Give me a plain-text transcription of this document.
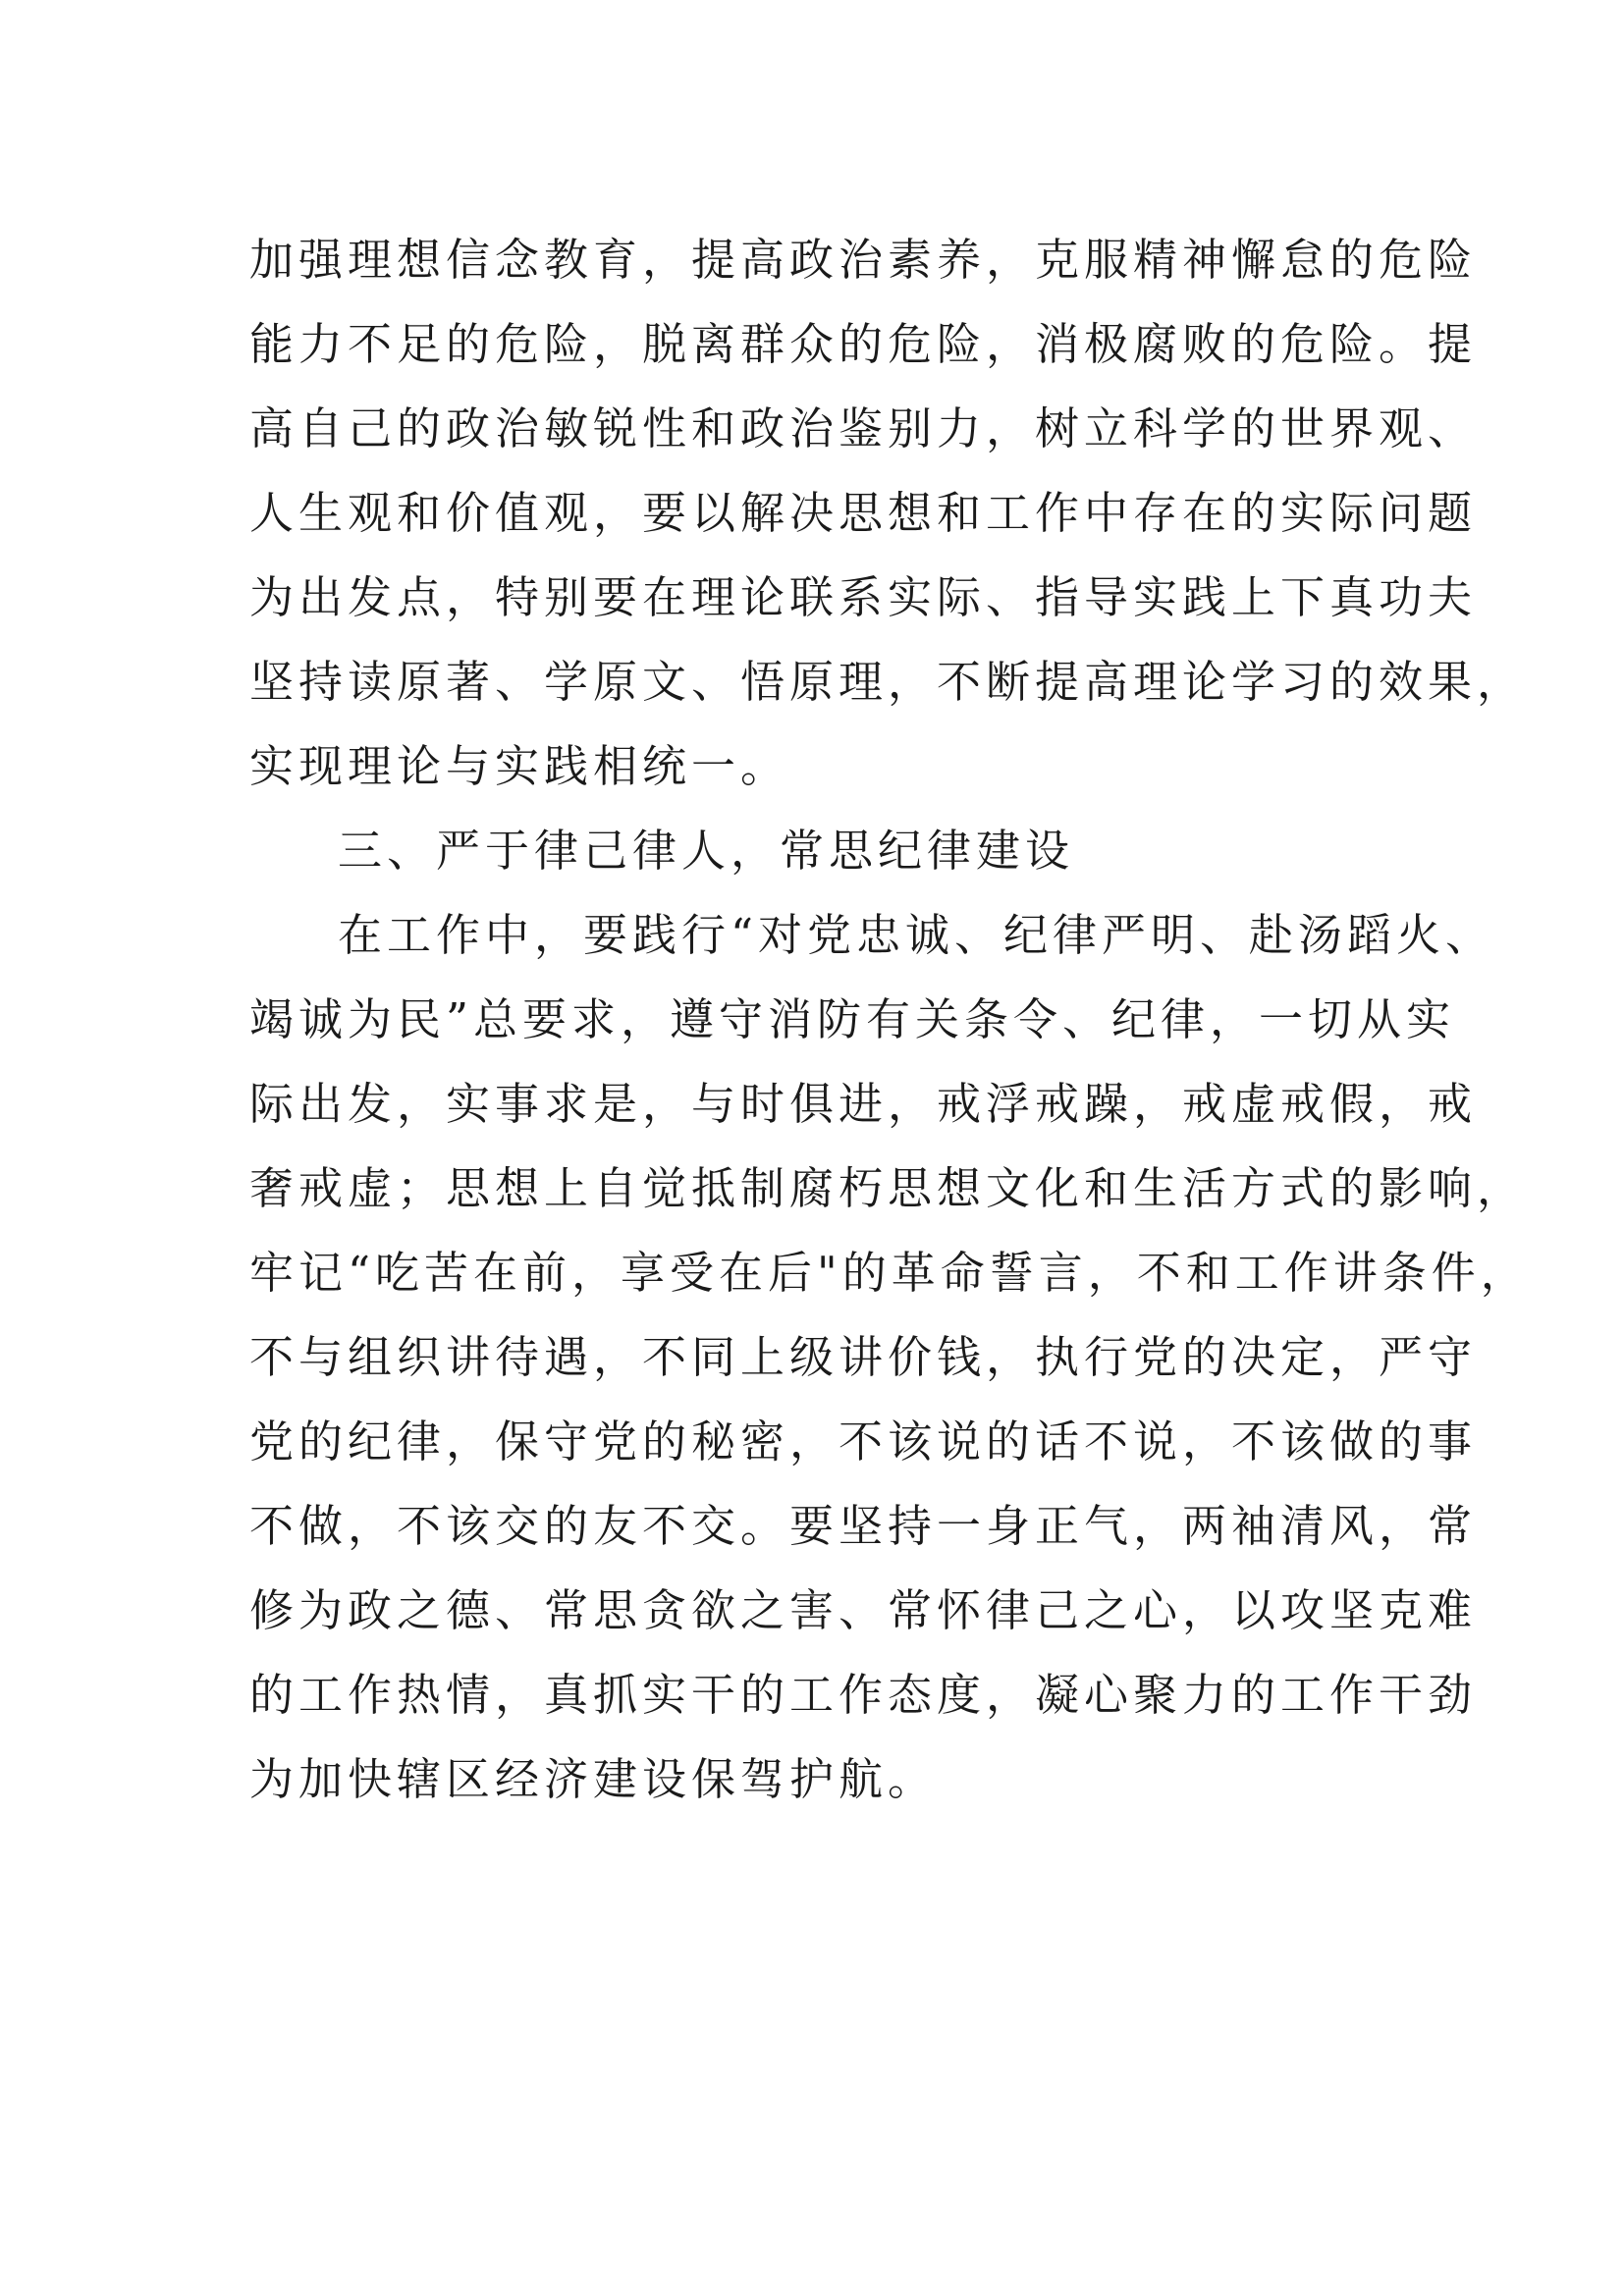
加强理想信念教育，提高政治素养，克服精神懈怠的危险
能力不足的危险，脱离群众的危险，消极腐败的危险。提
高自己的政治敏锐性和政治鉴别力，树立科学的世界观、
人生观和价值观，要以解决思想和工作中存在的实际问题
为出发点，特别要在理论联系实际、指导实践上下真功夫
坚持读原著、学原文、悟原理，不断提高理论学习的效果，
实现理论与实践相统一。
三、严于律己律人，常思纪律建设
在工作中，要践行“对党忠诚、纪律严明、赴汤蹈火、
竭诚为民”总要求，遵守消防有关条令、纪律，一切从实
际出发，实事求是，与时俱进，戒浮戒躁，戒虚戒假，戒
奢戒虚；思想上自觉抵制腐朽思想文化和生活方式的影响，
牢记“吃苦在前，享受在后"的革命誓言，不和工作讲条件，
不与组织讲待遇，不同上级讲价钱，执行党的决定，严守
党的纪律，保守党的秘密，不该说的话不说，不该做的事
不做，不该交的友不交。要坚持一身正气，两袖清风，常
修为政之德、常思贪欲之害、常怀律己之心，以攻坚克难
的工作热情，真抓实干的工作态度，凝心聚力的工作干劲
为加快辖区经济建设保驾护航。
